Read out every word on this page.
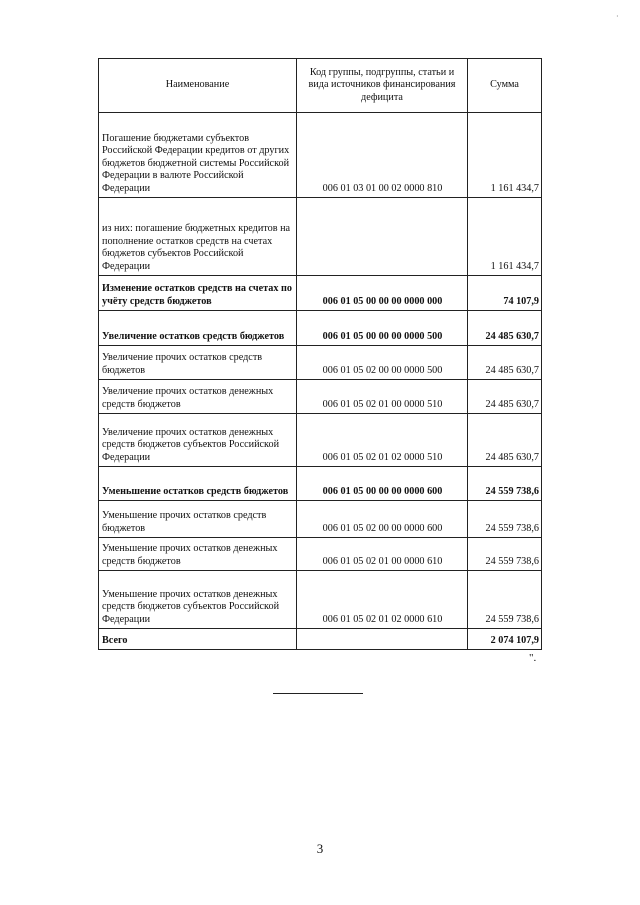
·
Наименование	Код группы, подгруппы, статьи и вида источников финансирования дефицита	Сумма
Погашение бюджетами субъектов Российской Федерации кредитов от других бюджетов бюджетной системы Российской Федерации в валюте Российской Федерации	006 01 03 01 00 02 0000 810	1 161 434,7
из них: погашение бюджетных кредитов на пополнение остатков средств на счетах бюджетов субъектов Российской Федерации		1 161 434,7
Изменение остатков средств на счетах по учёту средств бюджетов	006 01 05 00 00 00 0000 000	74 107,9
Увеличение остатков средств бюджетов	006 01 05 00 00 00 0000 500	24 485 630,7
Увеличение прочих остатков средств бюджетов	006 01 05 02 00 00 0000 500	24 485 630,7
Увеличение прочих остатков денежных средств бюджетов	006 01 05 02 01 00 0000 510	24 485 630,7
Увеличение прочих остатков денежных средств бюджетов субъектов Российской Федерации	006 01 05 02 01 02 0000 510	24 485 630,7
Уменьшение остатков средств бюджетов	006 01 05 00 00 00 0000 600	24 559 738,6
Уменьшение прочих остатков средств бюджетов	006 01 05 02 00 00 0000 600	24 559 738,6
Уменьшение прочих остатков денежных средств бюджетов	006 01 05 02 01 00 0000 610	24 559 738,6
Уменьшение прочих остатков денежных средств бюджетов субъектов Российской Федерации	006 01 05 02 01 02 0000 610	24 559 738,6
Всего		2 074 107,9
".
3
